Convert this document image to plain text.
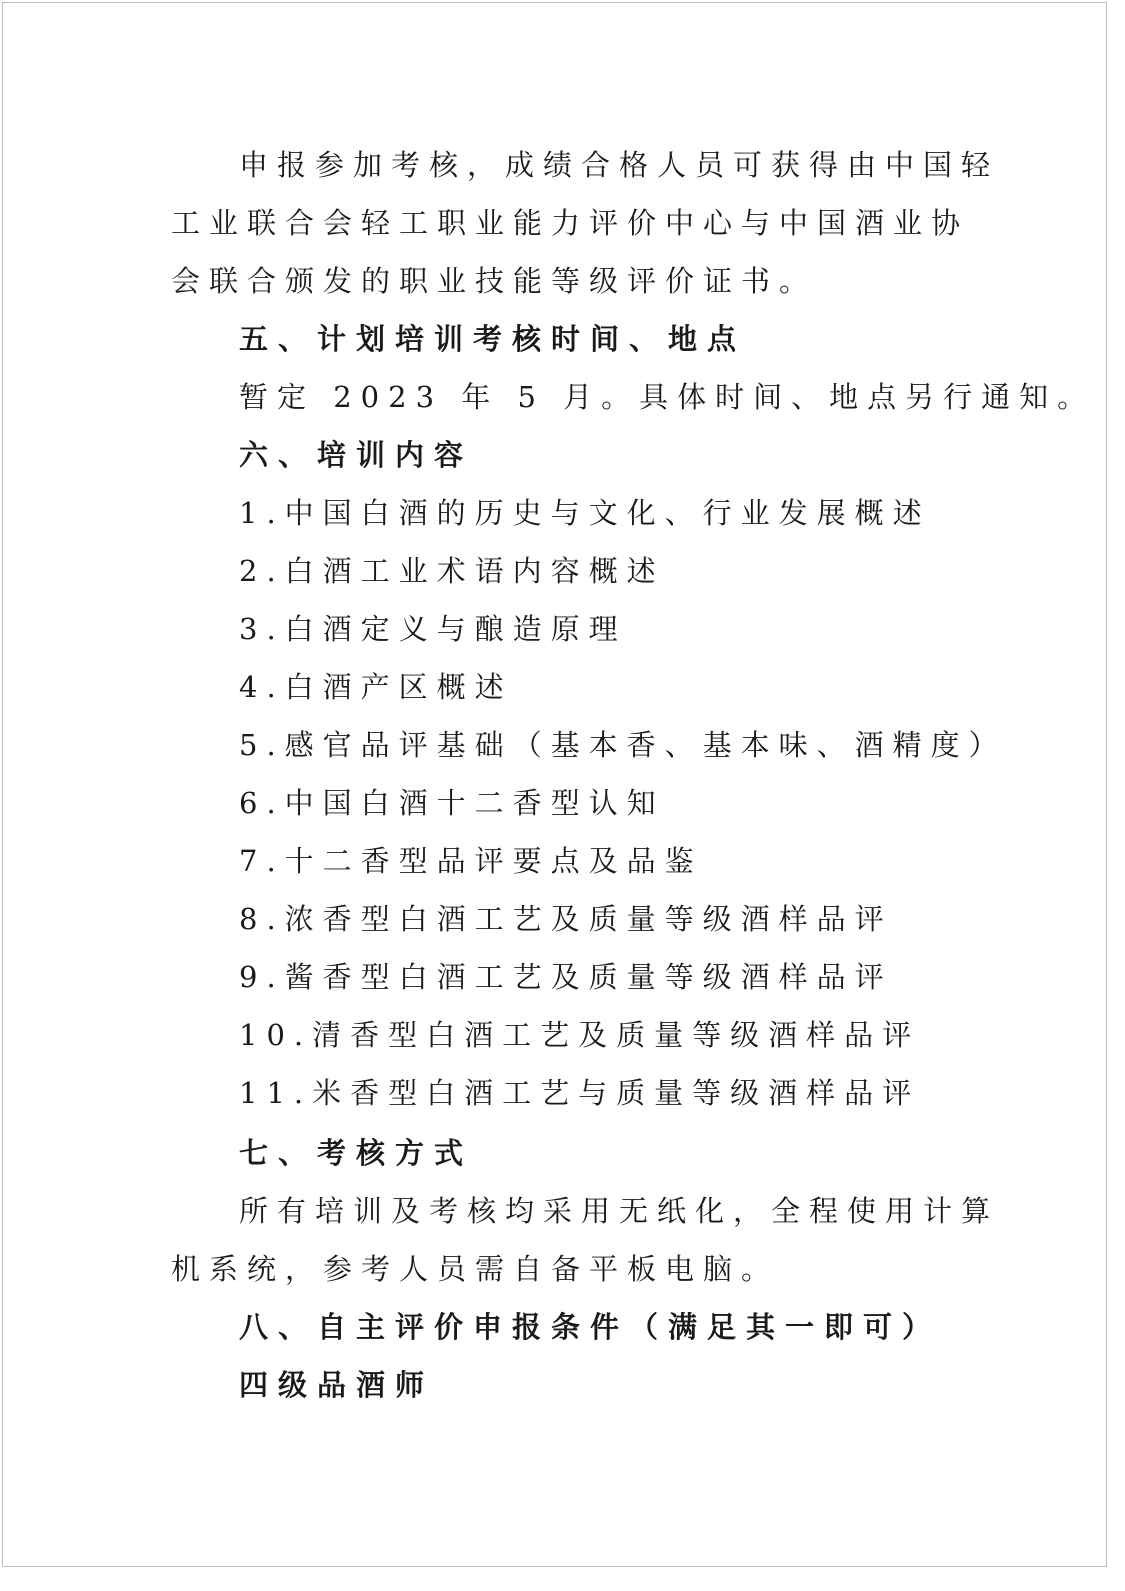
申报参加考核，成绩合格人员可获得由中国轻
工业联合会轻工职业能力评价中心与中国酒业协
会联合颁发的职业技能等级评价证书。
五、计划培训考核时间、地点
暂定 2023 年 5 月。具体时间、地点另行通知。
六、培训内容
1.中国白酒的历史与文化、行业发展概述
2.白酒工业术语内容概述
3.白酒定义与酿造原理
4.白酒产区概述
5.感官品评基础（基本香、基本味、酒精度）
6.中国白酒十二香型认知
7.十二香型品评要点及品鉴
8.浓香型白酒工艺及质量等级酒样品评
9.酱香型白酒工艺及质量等级酒样品评
10.清香型白酒工艺及质量等级酒样品评
11.米香型白酒工艺与质量等级酒样品评
七、考核方式
所有培训及考核均采用无纸化，全程使用计算
机系统，参考人员需自备平板电脑。
八、自主评价申报条件（满足其一即可）
四级品酒师
